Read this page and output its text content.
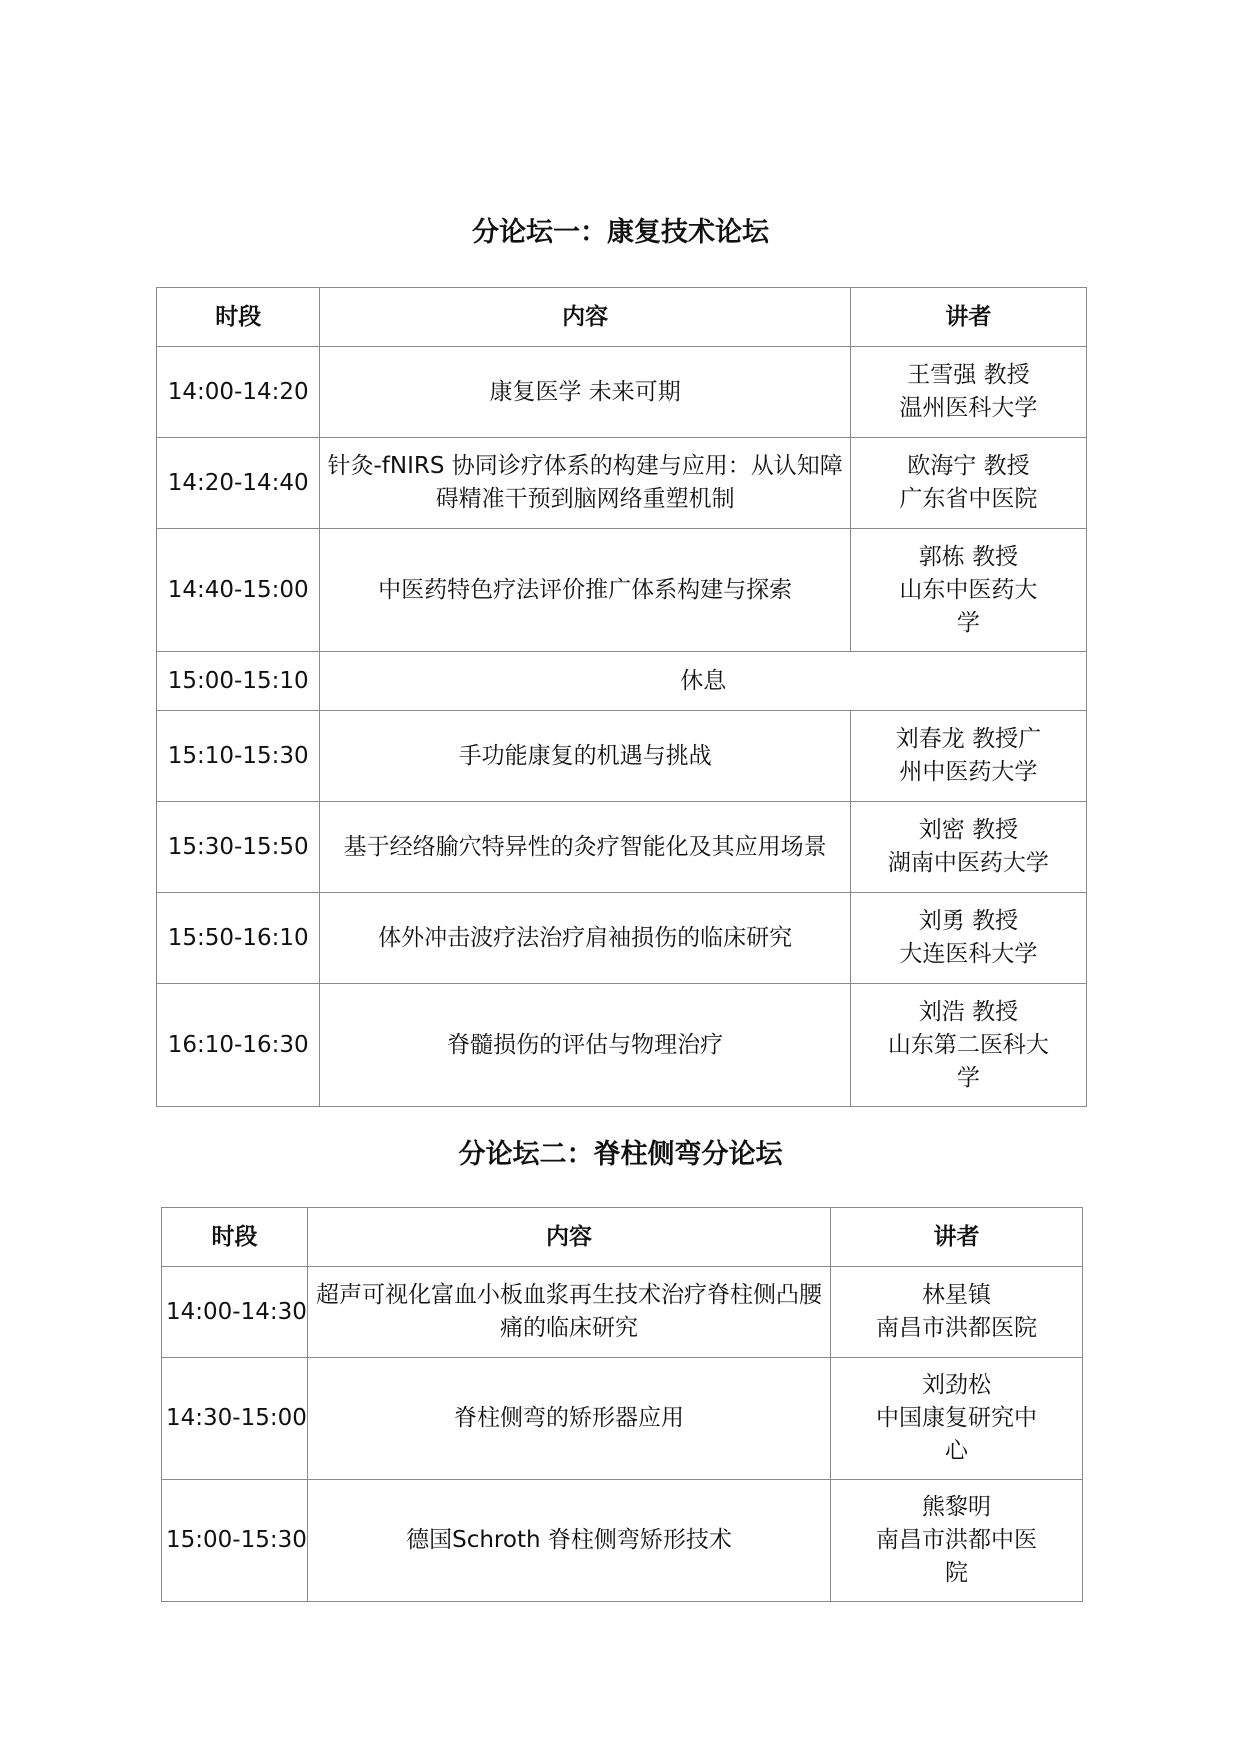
分论坛一：康复技术论坛
时段	内容	讲者
14:00-14:20	康复医学 未来可期	王雪强 教授
温州医科大学

14:20-14:40	针灸-fNIRS 协同诊疗体系的构建与应用：从认知障碍精准干预到脑网络重塑机制	欧海宁 教授
广东省中医院

14:40-15:00	中医药特色疗法评价推广体系构建与探索	郭栋 教授
山东中医药大
学

15:00-15:10	休息	
15:10-15:30	手功能康复的机遇与挑战	刘春龙 教授广
州中医药大学

15:30-15:50	基于经络腧穴特异性的灸疗智能化及其应用场景	刘密 教授
湖南中医药大学

15:50-16:10	体外冲击波疗法治疗肩袖损伤的临床研究	刘勇 教授
大连医科大学

16:10-16:30	脊髓损伤的评估与物理治疗	刘浩 教授
山东第二医科大
学
分论坛二：脊柱侧弯分论坛
时段	内容	讲者
14:00-14:30	超声可视化富血小板血浆再生技术治疗脊柱侧凸腰痛的临床研究	林星镇
南昌市洪都医院

14:30-15:00	脊柱侧弯的矫形器应用	刘劲松
中国康复研究中
心

15:00-15:30	德国Schroth 脊柱侧弯矫形技术	熊黎明
南昌市洪都中医
院
